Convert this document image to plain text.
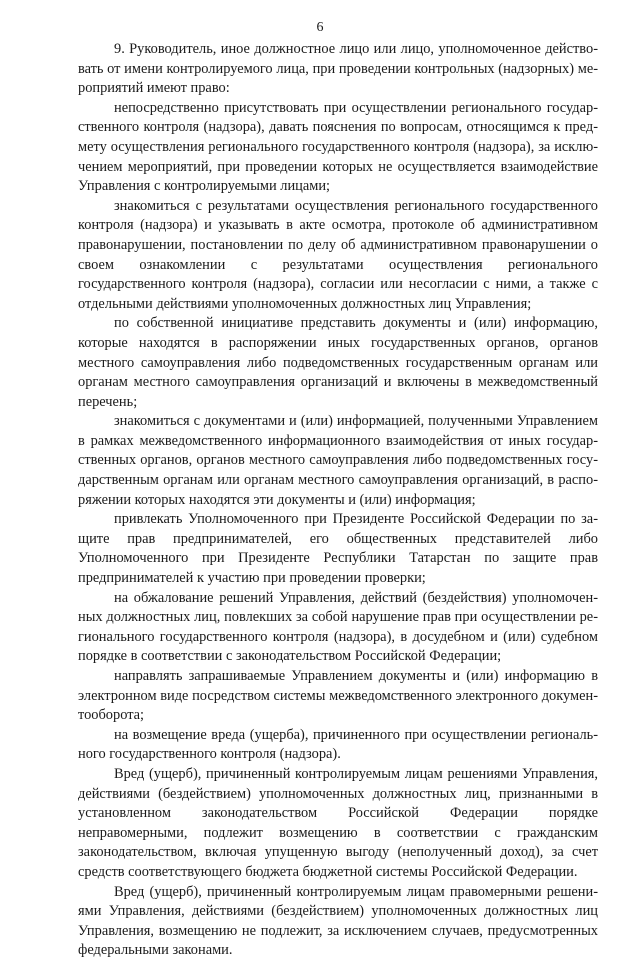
6

9. Руководитель, иное должностное лицо или лицо, уполномоченное действовать от имени контролируемого лица, при проведении контрольных (надзорных) мероприятий имеют право:

непосредственно присутствовать при осуществлении регионального государственного контроля (надзора), давать пояснения по вопросам, относящимся к предмету осуществления регионального государственного контроля (надзора), за исключением мероприятий, при проведении которых не осуществляется взаимодействие Управления с контролируемыми лицами;

знакомиться с результатами осуществления регионального государственного контроля (надзора) и указывать в акте осмотра, протоколе об административном правонарушении, постановлении по делу об административном правонарушении о своем ознакомлении с результатами осуществления регионального государственного контроля (надзора), согласии или несогласии с ними, а также с отдельными действиями уполномоченных должностных лиц Управления;

по собственной инициативе представить документы и (или) информацию, которые находятся в распоряжении иных государственных органов, органов местного самоуправления либо подведомственных государственным органам или органам местного самоуправления организаций и включены в межведомственный перечень;

знакомиться с документами и (или) информацией, полученными Управлением в рамках межведомственного информационного взаимодействия от иных государственных органов, органов местного самоуправления либо подведомственных государственным органам или органам местного самоуправления организаций, в распоряжении которых находятся эти документы и (или) информация;

привлекать Уполномоченного при Президенте Российской Федерации по защите прав предпринимателей, его общественных представителей либо Уполномоченного при Президенте Республики Татарстан по защите прав предпринимателей к участию при проведении проверки;

на обжалование решений Управления, действий (бездействия) уполномоченных должностных лиц, повлекших за собой нарушение прав при осуществлении регионального государственного контроля (надзора), в досудебном и (или) судебном порядке в соответствии с законодательством Российской Федерации;

направлять запрашиваемые Управлением документы и (или) информацию в электронном виде посредством системы межведомственного электронного документооборота;

на возмещение вреда (ущерба), причиненного при осуществлении регионального государственного контроля (надзора).

Вред (ущерб), причиненный контролируемым лицам решениями Управления, действиями (бездействием) уполномоченных должностных лиц, признанными в установленном законодательством Российской Федерации порядке неправомерными, подлежит возмещению в соответствии с гражданским законодательством, включая упущенную выгоду (неполученный доход), за счет средств соответствующего бюджета бюджетной системы Российской Федерации.

Вред (ущерб), причиненный контролируемым лицам правомерными решениями Управления, действиями (бездействием) уполномоченных должностных лиц Управления, возмещению не подлежит, за исключением случаев, предусмотренных федеральными законами.
